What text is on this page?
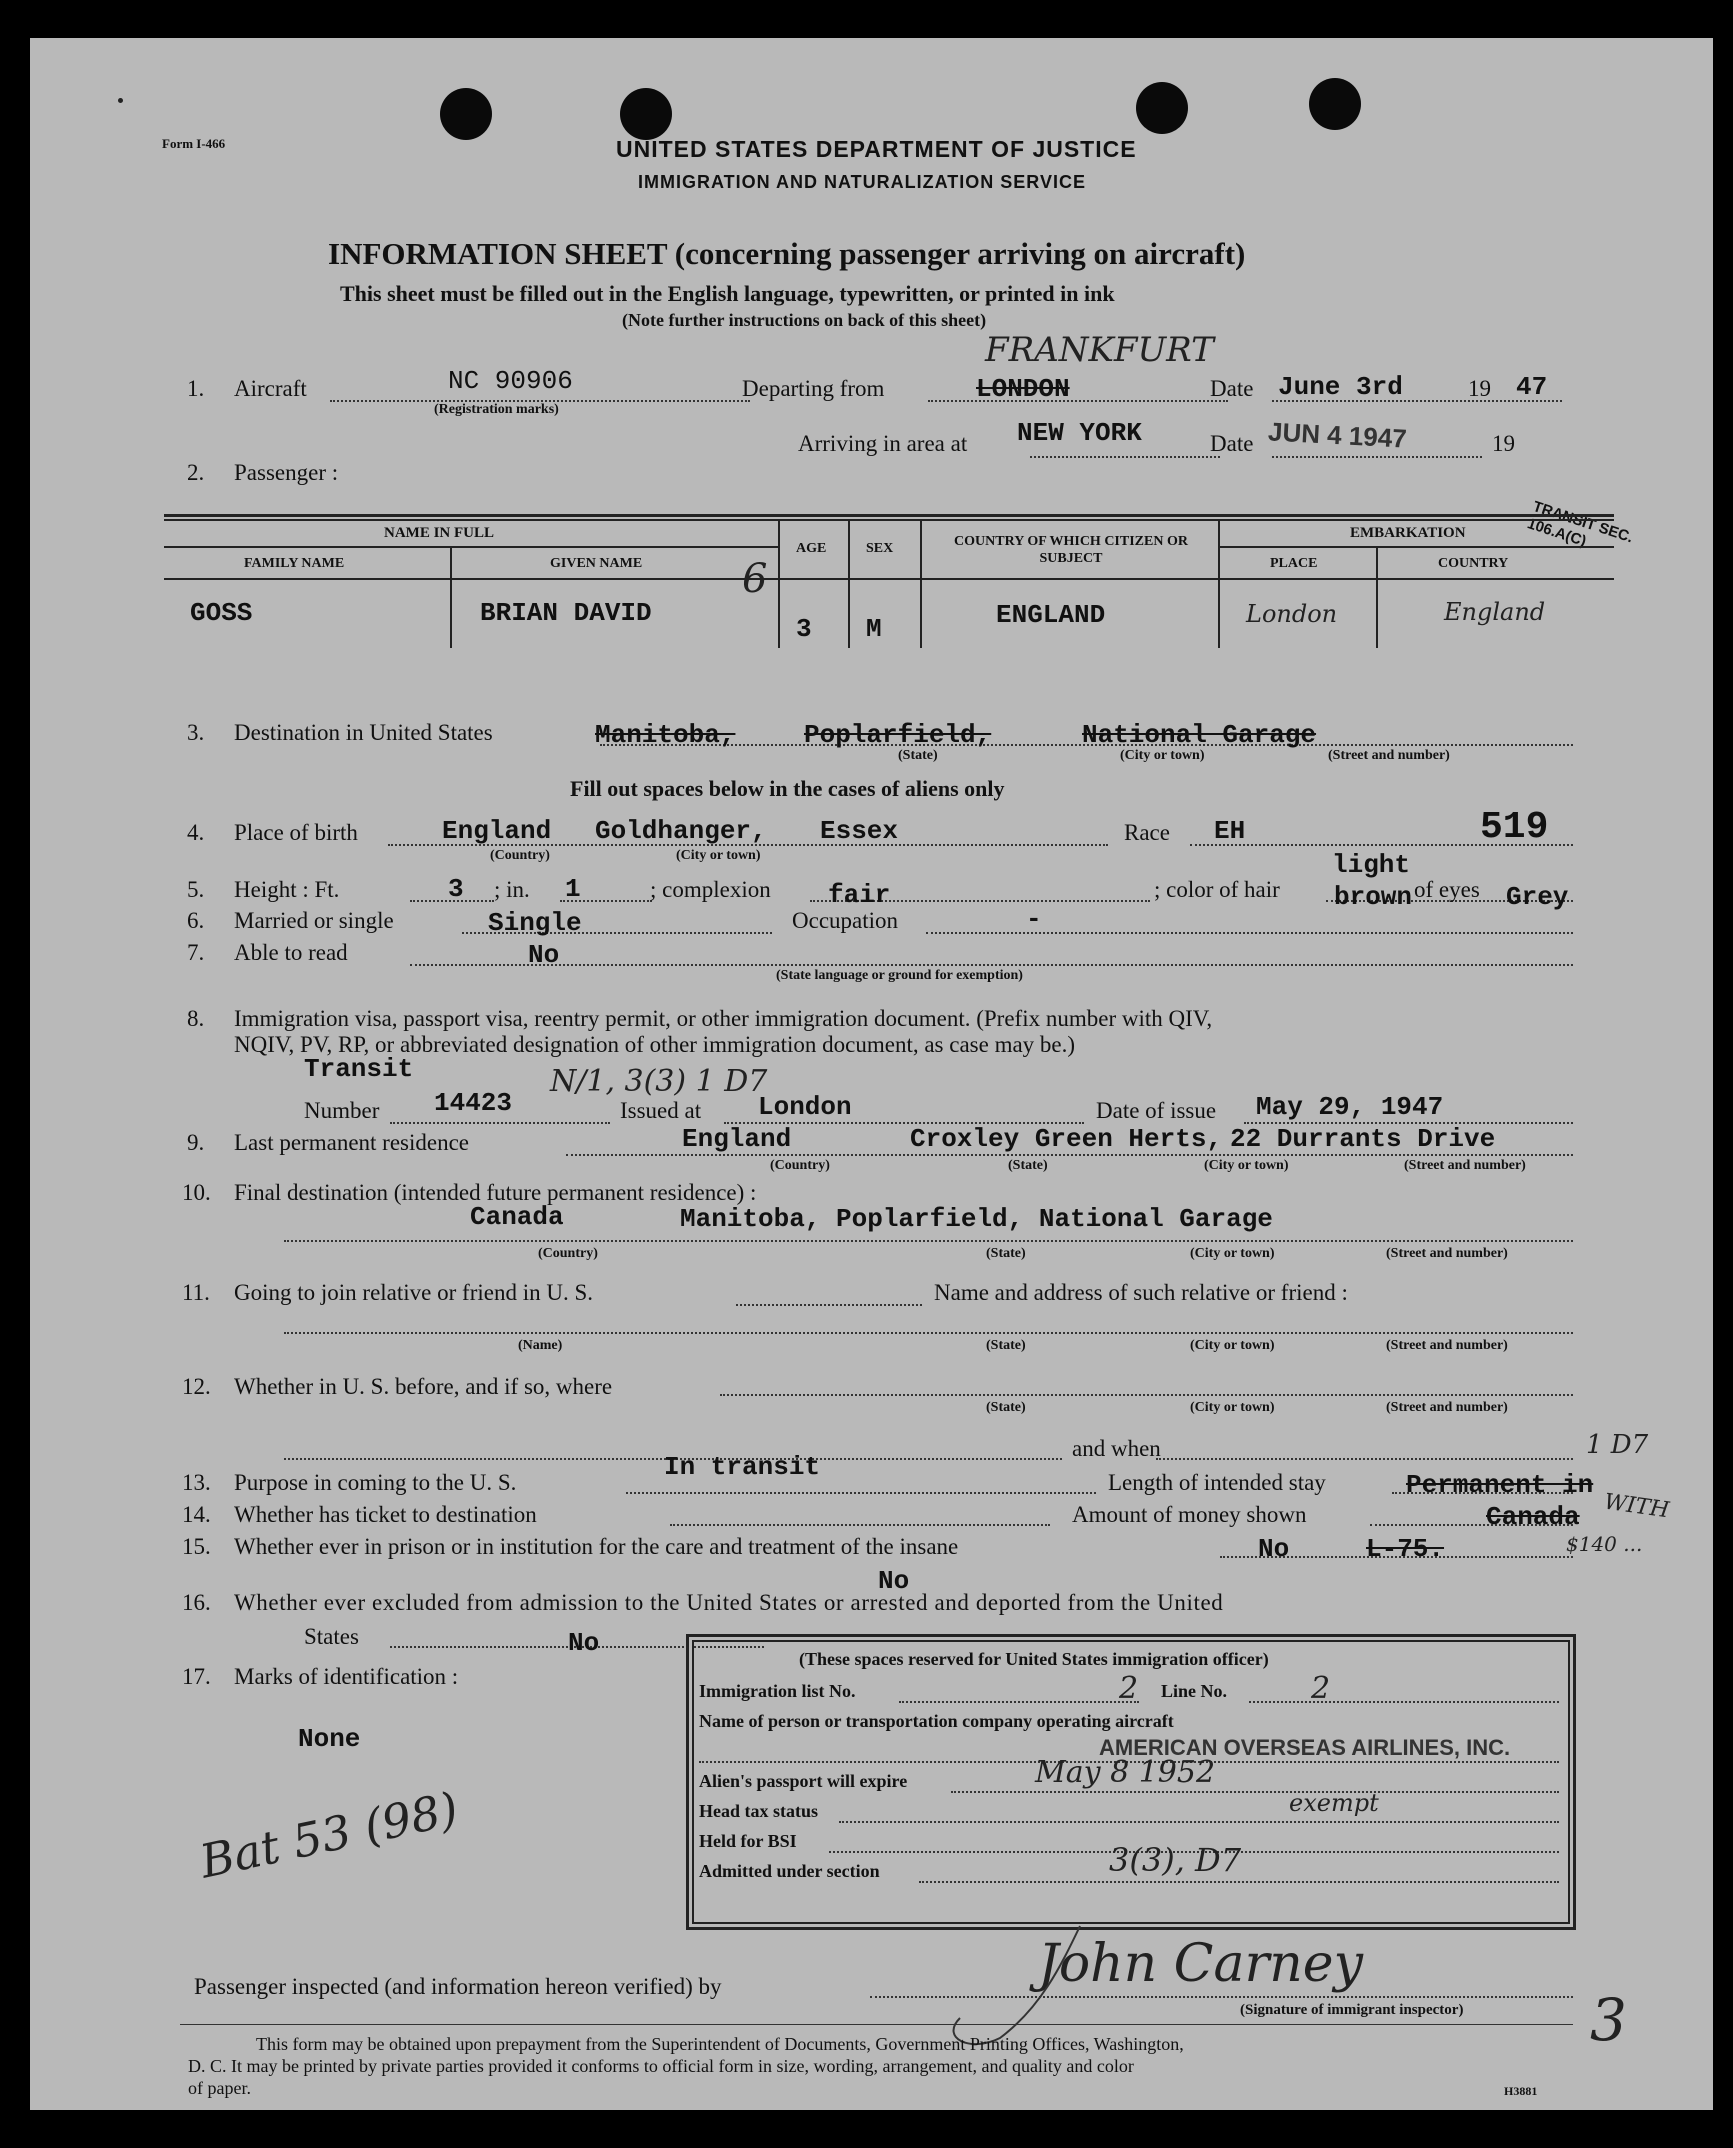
Form I-466	UNITED STATES DEPARTMENT OF JUSTICE
IMMIGRATION AND NATURALIZATION SERVICE
INFORMATION SHEET (concerning passenger arriving on aircraft)
This sheet must be filled out in the English language, typewritten, or printed in ink
(Note further instructions on back of this sheet)
1. Aircraft	NC 90906
(Registration marks)
Departing from	LONDON
FRANKFURT
Date June 3rd	19 47
Arriving in area at NEW YORK	Date JUN 4 1947	19
TRANSIT SEC. 106.A(C)
2. Passenger :
NAME IN FULL
FAMILY NAME	GIVEN NAME
AGE	SEX	COUNTRY OF WHICH CITIZEN OR SUBJECT
EMBARKATION
PLACE	COUNTRY
GOSS	BRIAN DAVID
6
3 M	ENGLAND	London	England
3. Destination in United States	Manitoba,	Poplarfield,	National Garage
(State)	(City or town)	(Street and number)
Fill out spaces below in the cases of aliens only
4. Place of birth	England Goldhanger, Essex
(Country)	(City or town)
Race EH	519
5. Height : Ft.	3 ; in. 1	; complexion fair	; color of hair
light
brown of eyes Grey
6. Married or single	Single	Occupation	-
7. Able to read	No
(State language or ground for exemption)
8. Immigration visa, passport visa, reentry permit, or other immigration document. (Prefix number with QIV,
NQIV, PV, RP, or abbreviated designation of other immigration document, as case may be.)
Transit	N/1, 3(3) 1 D7
Number 14423	Issued at London	Date of issue May 29, 1947
9. Last permanent residence	England	Croxley Green Herts, 22 Durrants Drive
(Country)	(State)	(City or town)	(Street and number)
10. Final destination (intended future permanent residence) :
Canada	Manitoba, Poplarfield, National Garage
(Country)	(State)	(City or town)	(Street and number)
11. Going to join relative or friend in U. S.	Name and address of such relative or friend :
(Name)	(State)	(City or town)	(Street and number)
12. Whether in U. S. before, and if so, where
(State)	(City or town)	(Street and number)
and when	1 D7
13. Purpose in coming to the U. S.
In transit
Length of intended stay	Permanent in
14. Whether has ticket to destination	Amount of money shown	Canada WITH
15. Whether ever in prison or in institution for the care and treatment of the insane	No	L-75.	$140 ...
16. Whether ever excluded from admission to the United States or arrested and deported from the United
No
States	No
17. Marks of identification :
None
Bat 53 (98)
(These spaces reserved for United States immigration officer)
Immigration list No.	2 Line No.	2
Name of person or transportation company operating aircraft
AMERICAN OVERSEAS AIRLINES, INC.
Alien's passport will expire	May 8 1952
Head tax status	exempt
Held for BSI
Admitted under section	3(3), D7
Passenger inspected (and information hereon verified) by	John Carney
(Signature of immigrant inspector)
This form may be obtained upon prepayment from the Superintendent of Documents, Government Printing Offices, Washington,
D. C. It may be printed by private parties provided it conforms to official form in size, wording, arrangement, and quality and color
of paper.
3
H3881
